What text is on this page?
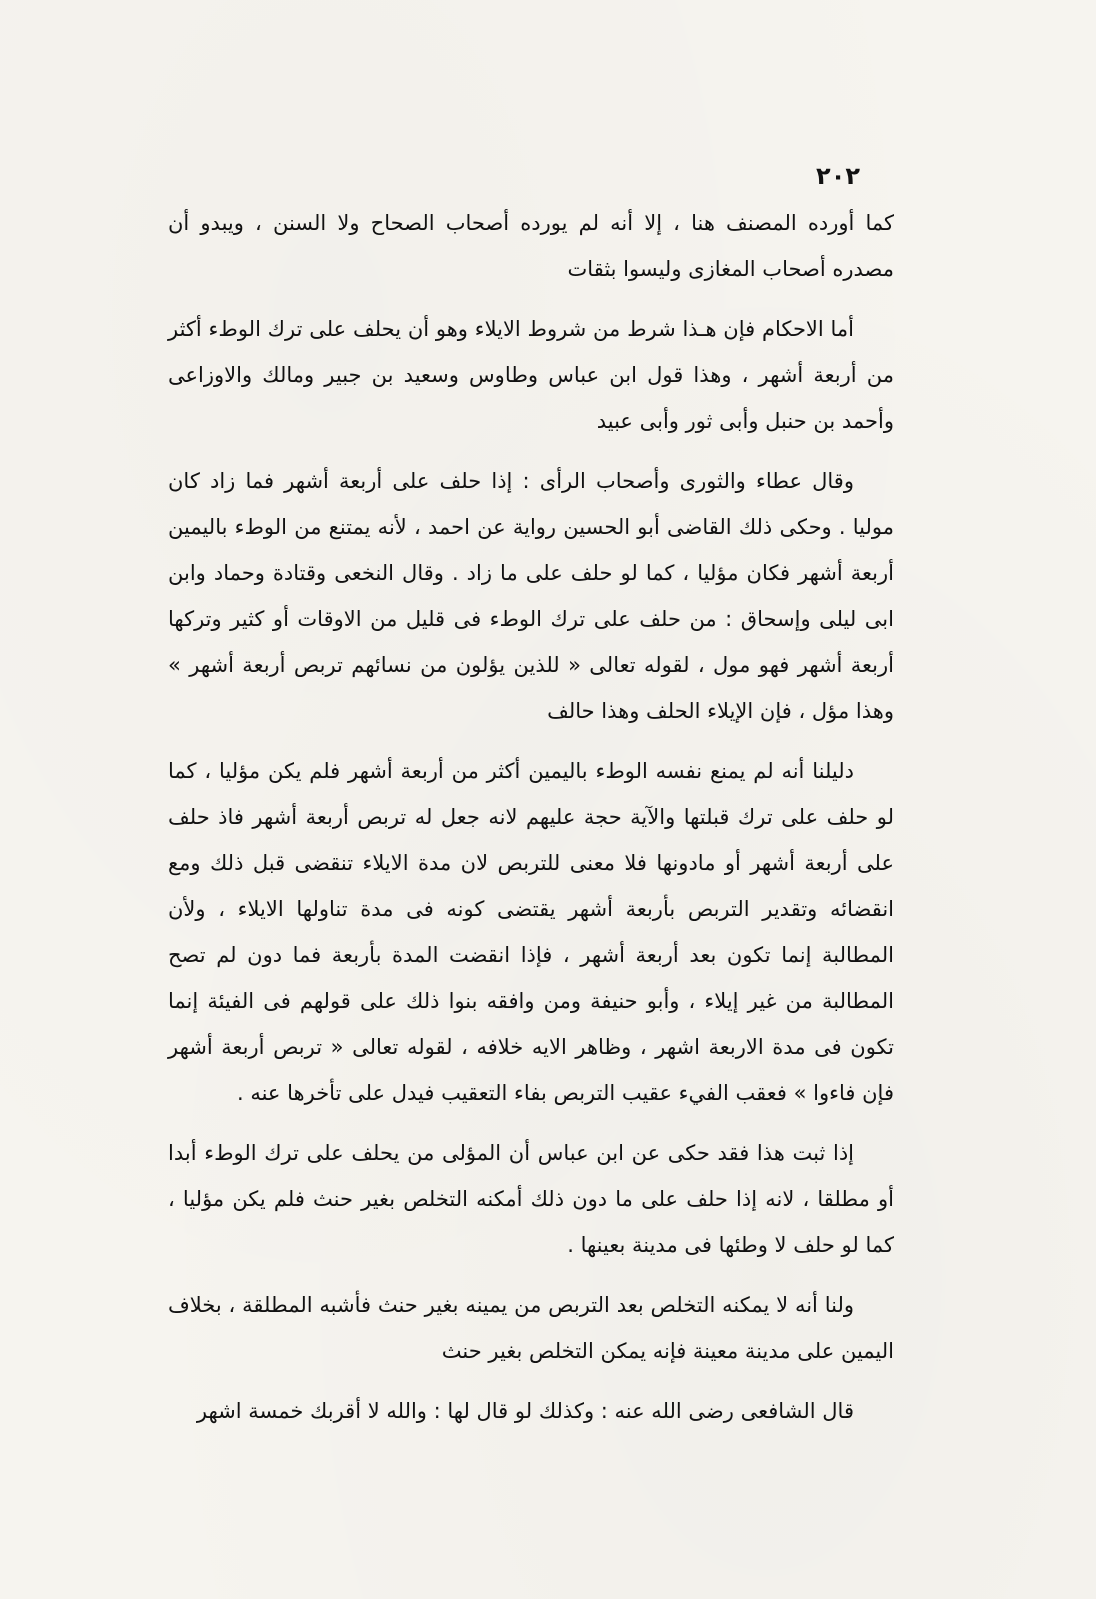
٢٠٢

كما أورده المصنف هنا ، إلا أنه لم يورده أصحاب الصحاح ولا السنن ، ويبدو أن مصدره أصحاب المغازى وليسوا بثقات

أما الاحكام فإن هـذا شرط من شروط الايلاء وهو أن يحلف على ترك الوطء أكثر من أربعة أشهر ، وهذا قول ابن عباس وطاوس وسعيد بن جبير ومالك والاوزاعى وأحمد بن حنبل وأبى ثور وأبى عبيد

وقال عطاء والثورى وأصحاب الرأى : إذا حلف على أربعة أشهر فما زاد كان موليا . وحكى ذلك القاضى أبو الحسين رواية عن احمد ، لأنه يمتنع من الوطء باليمين أربعة أشهر فكان مؤليا ، كما لو حلف على ما زاد . وقال النخعى وقتادة وحماد وابن ابى ليلى وإسحاق : من حلف على ترك الوطء فى قليل من الاوقات أو كثير وتركها أربعة أشهر فهو مول ، لقوله تعالى « للذين يؤلون من نسائهم تربص أربعة أشهر » وهذا مؤل ، فإن الإيلاء الحلف وهذا حالف

دليلنا أنه لم يمنع نفسه الوطء باليمين أكثر من أربعة أشهر فلم يكن مؤليا ، كما لو حلف على ترك قبلتها والآية حجة عليهم لانه جعل له تربص أربعة أشهر فاذ حلف على أربعة أشهر أو مادونها فلا معنى للتربص لان مدة الايلاء تنقضى قبل ذلك ومع انقضائه وتقدير التربص بأربعة أشهر يقتضى كونه فى مدة تناولها الايلاء ، ولأن المطالبة إنما تكون بعد أربعة أشهر ، فإذا انقضت المدة بأربعة فما دون لم تصح المطالبة من غير إيلاء ، وأبو حنيفة ومن وافقه بنوا ذلك على قولهم فى الفيئة إنما تكون فى مدة الاربعة اشهر ، وظاهر الايه خلافه ، لقوله تعالى « تربص أربعة أشهر فإن فاءوا » فعقب الفيء عقيب التربص بفاء التعقيب فيدل على تأخرها عنه .

إذا ثبت هذا فقد حكى عن ابن عباس أن المؤلى من يحلف على ترك الوطء أبدا أو مطلقا ، لانه إذا حلف على ما دون ذلك أمكنه التخلص بغير حنث فلم يكن مؤليا ، كما لو حلف لا وطئها فى مدينة بعينها .

ولنا أنه لا يمكنه التخلص بعد التربص من يمينه بغير حنث فأشبه المطلقة ، بخلاف اليمين على مدينة معينة فإنه يمكن التخلص بغير حنث

قال الشافعى رضى الله عنه : وكذلك لو قال لها : والله لا أقربك خمسة اشهر
